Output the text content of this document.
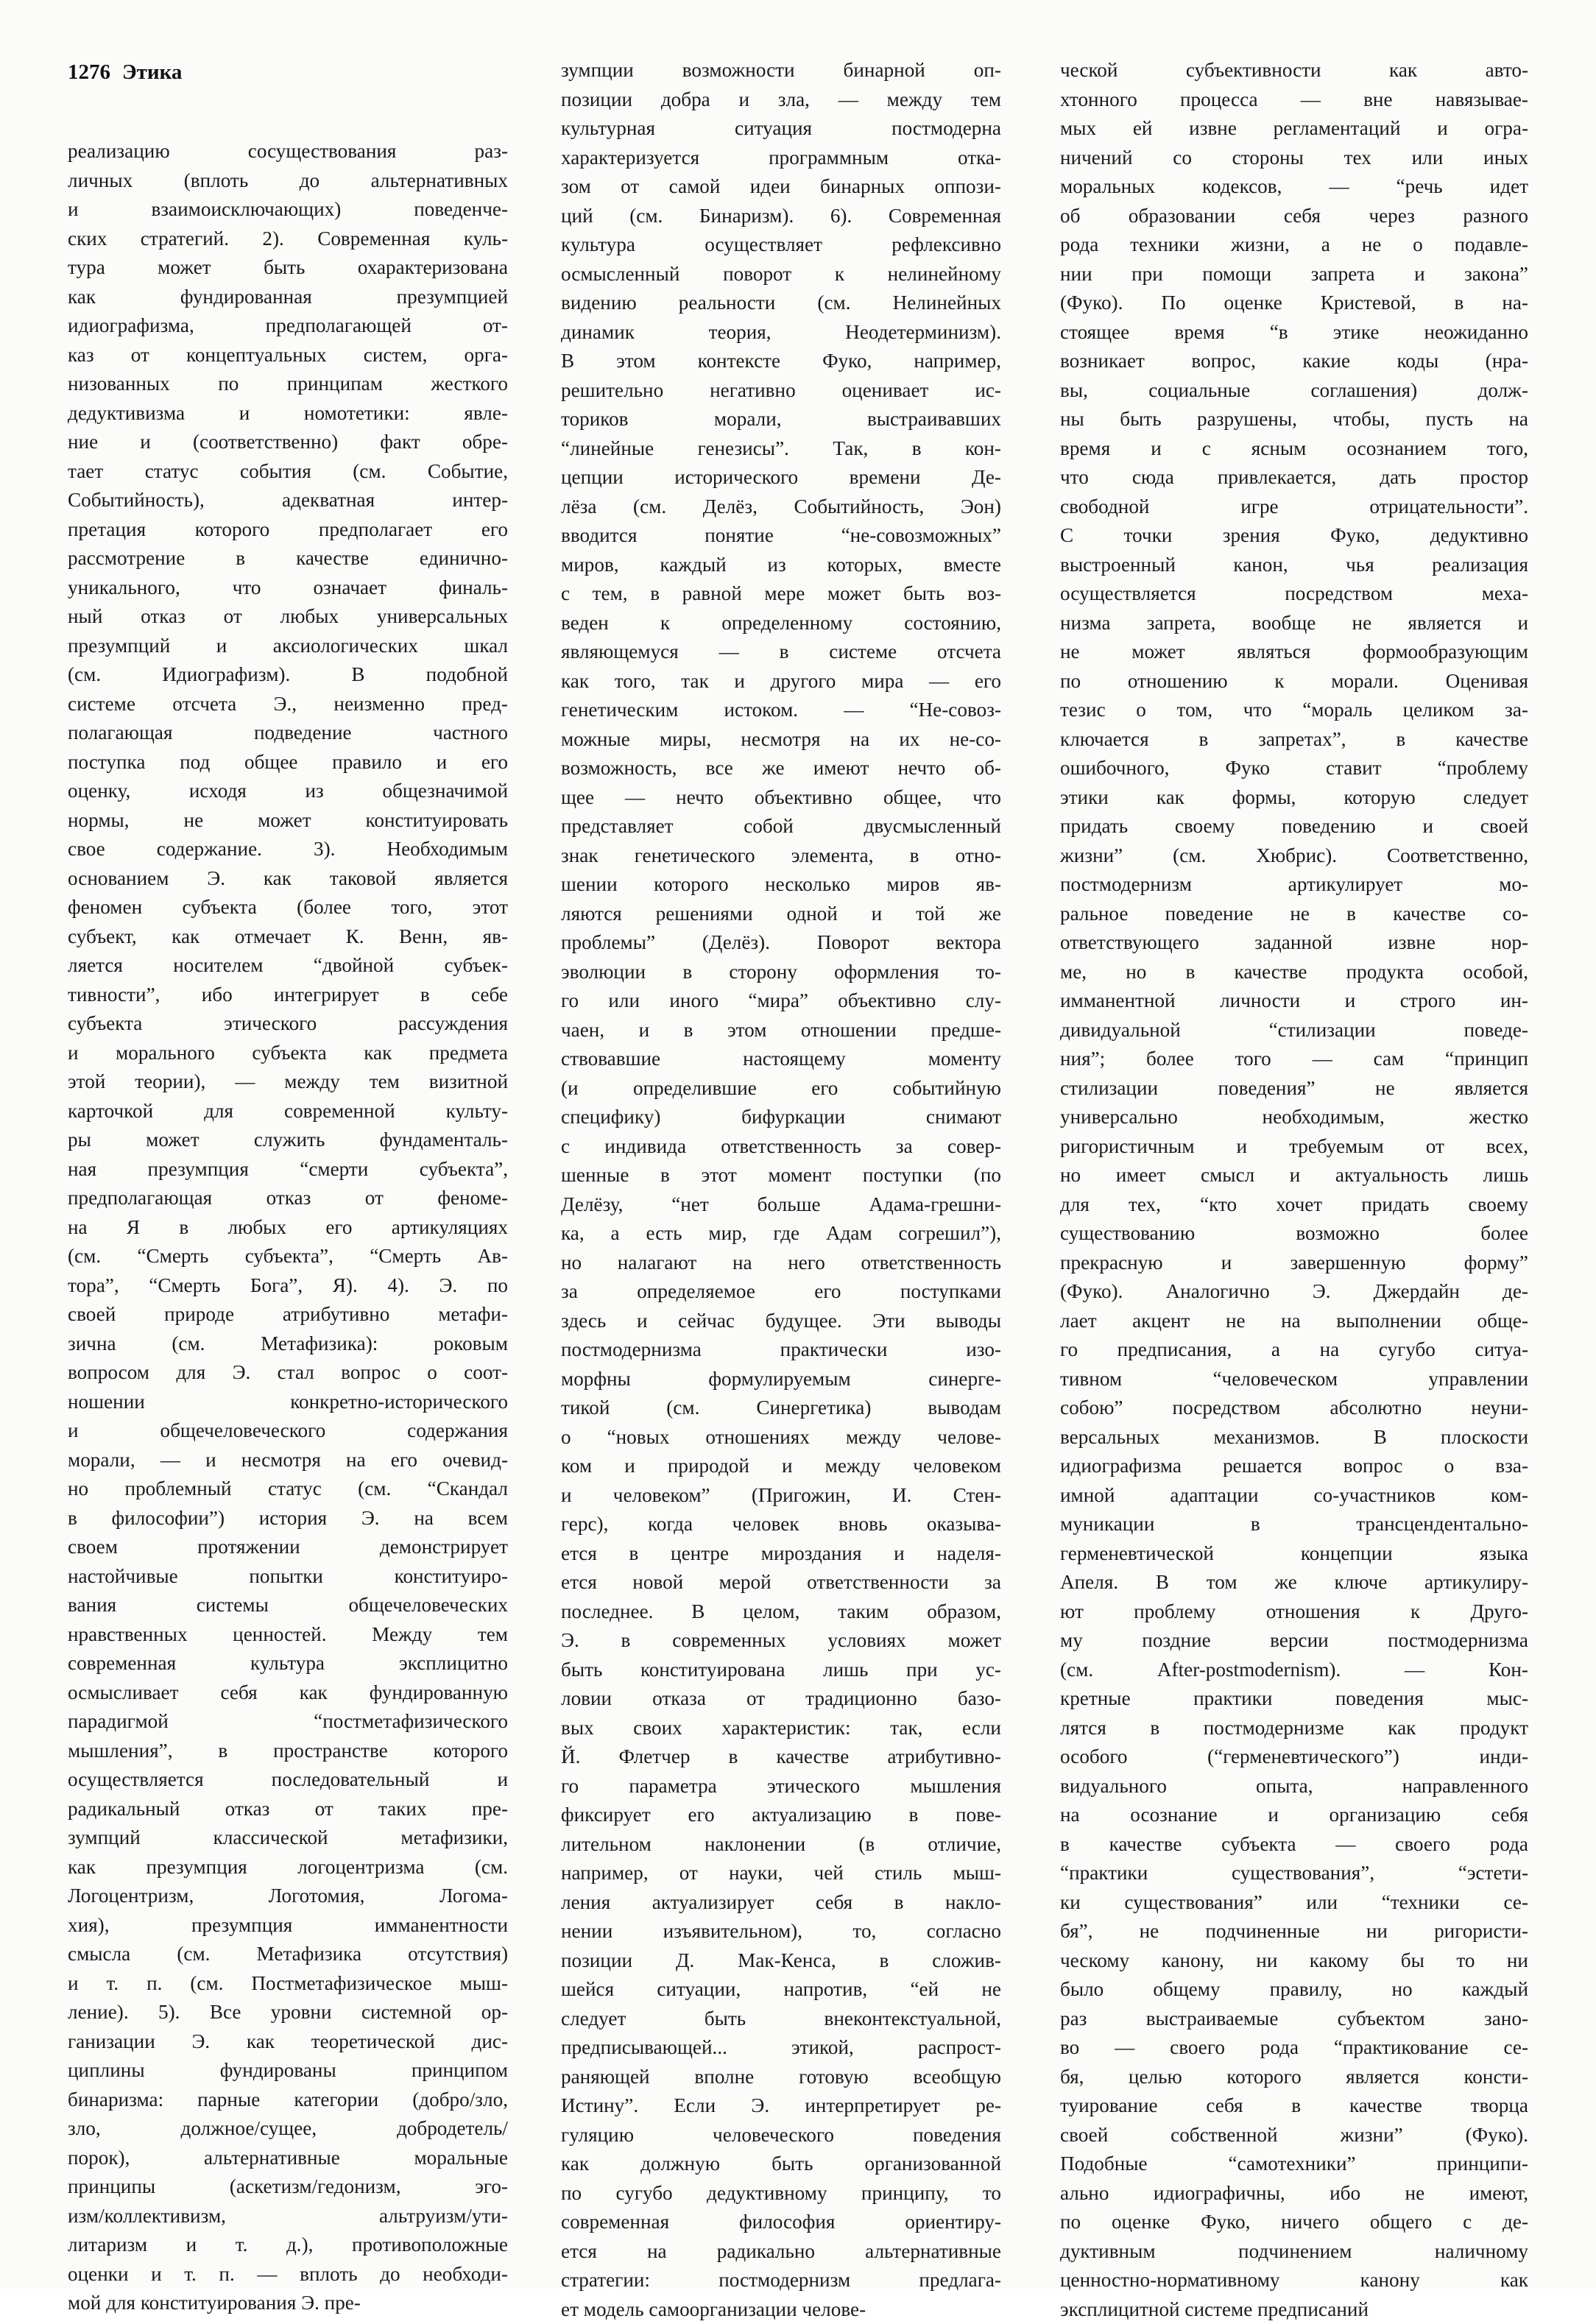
1276 Этика
реализацию сосуществования раз-
личных (вплоть до альтернативных
и взаимоисключающих) поведенче-
ских стратегий. 2). Современная куль-
тура может быть охарактеризована
как фундированная презумпцией
идиографизма, предполагающей от-
каз от концептуальных систем, орга-
низованных по принципам жесткого
дедуктивизма и номотетики: явле-
ние и (соответственно) факт обре-
тает статус события (см. Событие,
Событийность), адекватная интер-
претация которого предполагает его
рассмотрение в качестве единично-
уникального, что означает финаль-
ный отказ от любых универсальных
презумпций и аксиологических шкал
(см. Идиографизм). В подобной
системе отсчета Э., неизменно пред-
полагающая подведение частного
поступка под общее правило и его
оценку, исходя из общезначимой
нормы, не может конституировать
свое содержание. 3). Необходимым
основанием Э. как таковой является
феномен субъекта (более того, этот
субъект, как отмечает К. Венн, яв-
ляется носителем “двойной субъек-
тивности”, ибо интегрирует в себе
субъекта этического рассуждения
и морального субъекта как предмета
этой теории), — между тем визитной
карточкой для современной культу-
ры может служить фундаменталь-
ная презумпция “смерти субъекта”,
предполагающая отказ от феноме-
на Я в любых его артикуляциях
(см. “Смерть субъекта”, “Смерть Ав-
тора”, “Смерть Бога”, Я). 4). Э. по
своей природе атрибутивно метафи-
зична (см. Метафизика): роковым
вопросом для Э. стал вопрос о соот-
ношении конкретно-исторического
и общечеловеческого содержания
морали, — и несмотря на его очевид-
но проблемный статус (см. “Скандал
в философии”) история Э. на всем
своем протяжении демонстрирует
настойчивые попытки конституиро-
вания системы общечеловеческих
нравственных ценностей. Между тем
современная культура эксплицитно
осмысливает себя как фундированную
парадигмой “постметафизического
мышления”, в пространстве которого
осуществляется последовательный и
радикальный отказ от таких пре-
зумпций классической метафизики,
как презумпция логоцентризма (см.
Логоцентризм, Логотомия, Логома-
хия), презумпция имманентности
смысла (см. Метафизика отсутствия)
и т. п. (см. Постметафизическое мыш-
ление). 5). Все уровни системной ор-
ганизации Э. как теоретической дис-
циплины фундированы принципом
бинаризма: парные категории (добро/зло,
зло, должное/сущее, добродетель/
порок), альтернативные моральные
принципы (аскетизм/гедонизм, эго-
изм/коллективизм, альтруизм/ути-
литаризм и т. д.), противоположные
оценки и т. п. — вплоть до необходи-
мой для конституирования Э. пре-
зумпции возможности бинарной оп-
позиции добра и зла, — между тем
культурная ситуация постмодерна
характеризуется программным отка-
зом от самой идеи бинарных оппози-
ций (см. Бинаризм). 6). Современная
культура осуществляет рефлексивно
осмысленный поворот к нелинейному
видению реальности (см. Нелинейных
динамик теория, Неодетерминизм).
В этом контексте Фуко, например,
решительно негативно оценивает ис-
ториков морали, выстраивавших
“линейные генезисы”. Так, в кон-
цепции исторического времени Де-
лёза (см. Делёз, Событийность, Эон)
вводится понятие “не-совозможных”
миров, каждый из которых, вместе
с тем, в равной мере может быть воз-
веден к определенному состоянию,
являющемуся — в системе отсчета
как того, так и другого мира — его
генетическим истоком. — “Не-совоз-
можные миры, несмотря на их не-со-
возможность, все же имеют нечто об-
щее — нечто объективно общее, что
представляет собой двусмысленный
знак генетического элемента, в отно-
шении которого несколько миров яв-
ляются решениями одной и той же
проблемы” (Делёз). Поворот вектора
эволюции в сторону оформления то-
го или иного “мира” объективно слу-
чаен, и в этом отношении предше-
ствовавшие настоящему моменту
(и определившие его событийную
специфику) бифуркации снимают
с индивида ответственность за совер-
шенные в этот момент поступки (по
Делёзу, “нет больше Адама-грешни-
ка, а есть мир, где Адам согрешил”),
но налагают на него ответственность
за определяемое его поступками
здесь и сейчас будущее. Эти выводы
постмодернизма практически изо-
морфны формулируемым синерге-
тикой (см. Синергетика) выводам
о “новых отношениях между челове-
ком и природой и между человеком
и человеком” (Пригожин, И. Стен-
герс), когда человек вновь оказыва-
ется в центре мироздания и наделя-
ется новой мерой ответственности за
последнее. В целом, таким образом,
Э. в современных условиях может
быть конституирована лишь при ус-
ловии отказа от традиционно базо-
вых своих характеристик: так, если
Й. Флетчер в качестве атрибутивно-
го параметра этического мышления
фиксирует его актуализацию в пове-
лительном наклонении (в отличие,
например, от науки, чей стиль мыш-
ления актуализирует себя в накло-
нении изъявительном), то, согласно
позиции Д. Мак-Кенса, в сложив-
шейся ситуации, напротив, “ей не
следует быть внеконтекстуальной,
предписывающей... этикой, распрост-
раняющей вполне готовую всеобщую
Истину”. Если Э. интерпретирует ре-
гуляцию человеческого поведения
как должную быть организованной
по сугубо дедуктивному принципу, то
современная философия ориентиру-
ется на радикально альтернативные
стратегии: постмодернизм предлага-
ет модель самоорганизации челове-
ческой субъективности как авто-
хтонного процесса — вне навязывае-
мых ей извне регламентаций и огра-
ничений со стороны тех или иных
моральных кодексов, — “речь идет
об образовании себя через разного
рода техники жизни, а не о подавле-
нии при помощи запрета и закона”
(Фуко). По оценке Кристевой, в на-
стоящее время “в этике неожиданно
возникает вопрос, какие коды (нра-
вы, социальные соглашения) долж-
ны быть разрушены, чтобы, пусть на
время и с ясным осознанием того,
что сюда привлекается, дать простор
свободной игре отрицательности”.
С точки зрения Фуко, дедуктивно
выстроенный канон, чья реализация
осуществляется посредством меха-
низма запрета, вообще не является и
не может являться формообразующим
по отношению к морали. Оценивая
тезис о том, что “мораль целиком за-
ключается в запретах”, в качестве
ошибочного, Фуко ставит “проблему
этики как формы, которую следует
придать своему поведению и своей
жизни” (см. Хюбрис). Соответственно,
постмодернизм артикулирует мо-
ральное поведение не в качестве со-
ответствующего заданной извне нор-
ме, но в качестве продукта особой,
имманентной личности и строго ин-
дивидуальной “стилизации поведе-
ния”; более того — сам “принцип
стилизации поведения” не является
универсально необходимым, жестко
ригористичным и требуемым от всех,
но имеет смысл и актуальность лишь
для тех, “кто хочет придать своему
существованию возможно более
прекрасную и завершенную форму”
(Фуко). Аналогично Э. Джердайн де-
лает акцент не на выполнении обще-
го предписания, а на сугубо ситуа-
тивном “человеческом управлении
собою” посредством абсолютно неуни-
версальных механизмов. В плоскости
идиографизма решается вопрос о вза-
имной адаптации со-участников ком-
муникации в трансцендентально-
герменевтической концепции языка
Апеля. В том же ключе артикулиру-
ют проблему отношения к Друго-
му поздние версии постмодернизма
(см. After-postmodernism). — Кон-
кретные практики поведения мыс-
лятся в постмодернизме как продукт
особого (“герменевтического”) инди-
видуального опыта, направленного
на осознание и организацию себя
в качестве субъекта — своего рода
“практики существования”, “эстети-
ки существования” или “техники се-
бя”, не подчиненные ни ригористи-
ческому канону, ни какому бы то ни
было общему правилу, но каждый
раз выстраиваемые субъектом зано-
во — своего рода “практикование се-
бя, целью которого является консти-
туирование себя в качестве творца
своей собственной жизни” (Фуко).
Подобные “самотехники” принципи-
ально идиографичны, ибо не имеют,
по оценке Фуко, ничего общего с де-
дуктивным подчинением наличному
ценностно-нормативному канону как
эксплицитной системе предписаний
